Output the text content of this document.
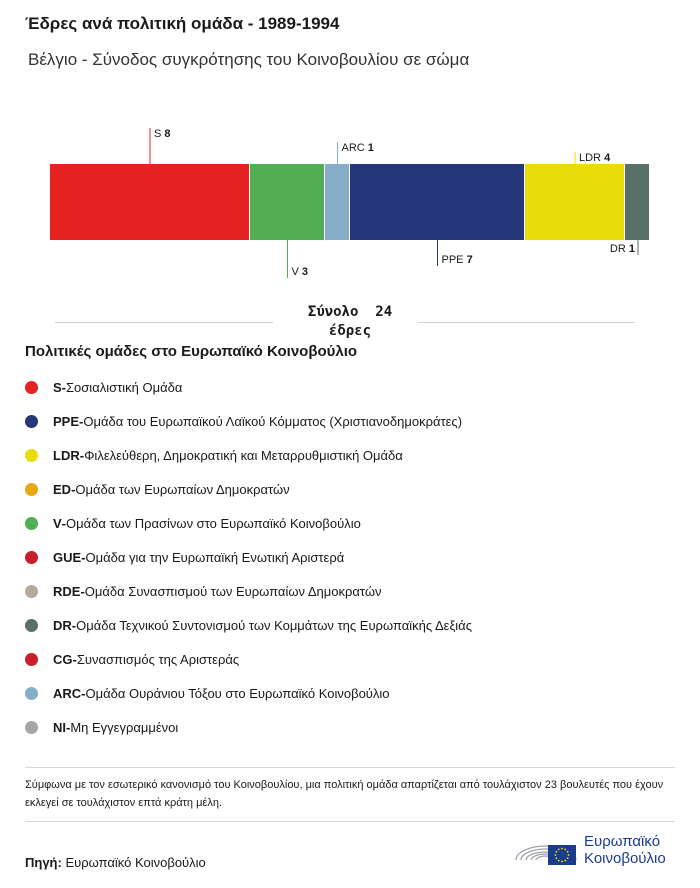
Έδρες ανά πολιτική ομάδα - 1989-1994
Βέλγιο - Σύνοδος συγκρότησης του Κοινοβουλίου σε σώμα
S 8
V 3
ARC 1
PPE 7
LDR 4
DR 1
Σύνολο 24
έδρες
Πολιτικές ομάδες στο Ευρωπαϊκό Κοινοβούλιο
S - Σοσιαλιστική Ομάδα
PPE - Ομάδα του Ευρωπαϊκού Λαϊκού Κόμματος (Χριστιανοδημοκράτες)
LDR - Φιλελεύθερη, Δημοκρατική και Μεταρρυθμιστική Ομάδα
ED - Ομάδα των Ευρωπαίων Δημοκρατών
V - Ομάδα των Πρασίνων στο Ευρωπαϊκό Κοινοβούλιο
GUE - Ομάδα για την Ευρωπαϊκή Ενωτική Αριστερά
RDE - Ομάδα Συνασπισμού των Ευρωπαίων Δημοκρατών
DR - Ομάδα Τεχνικού Συντονισμού των Κομμάτων της Ευρωπαϊκής Δεξιάς
CG - Συνασπισμός της Αριστεράς
ARC - Ομάδα Ουράνιου Τόξου στο Ευρωπαϊκό Κοινοβούλιο
NI - Μη Εγγεγραμμένοι
Σύμφωνα με τον εσωτερικό κανονισμό του Κοινοβουλίου, μια πολιτική ομάδα απαρτίζεται από τουλάχιστον 23 βουλευτές που έχουν εκλεγεί σε τουλάχιστον επτά κράτη μέλη.
Πηγή: Ευρωπαϊκό Κοινοβούλιο
Ευρωπαϊκό
Κοινοβούλιο
